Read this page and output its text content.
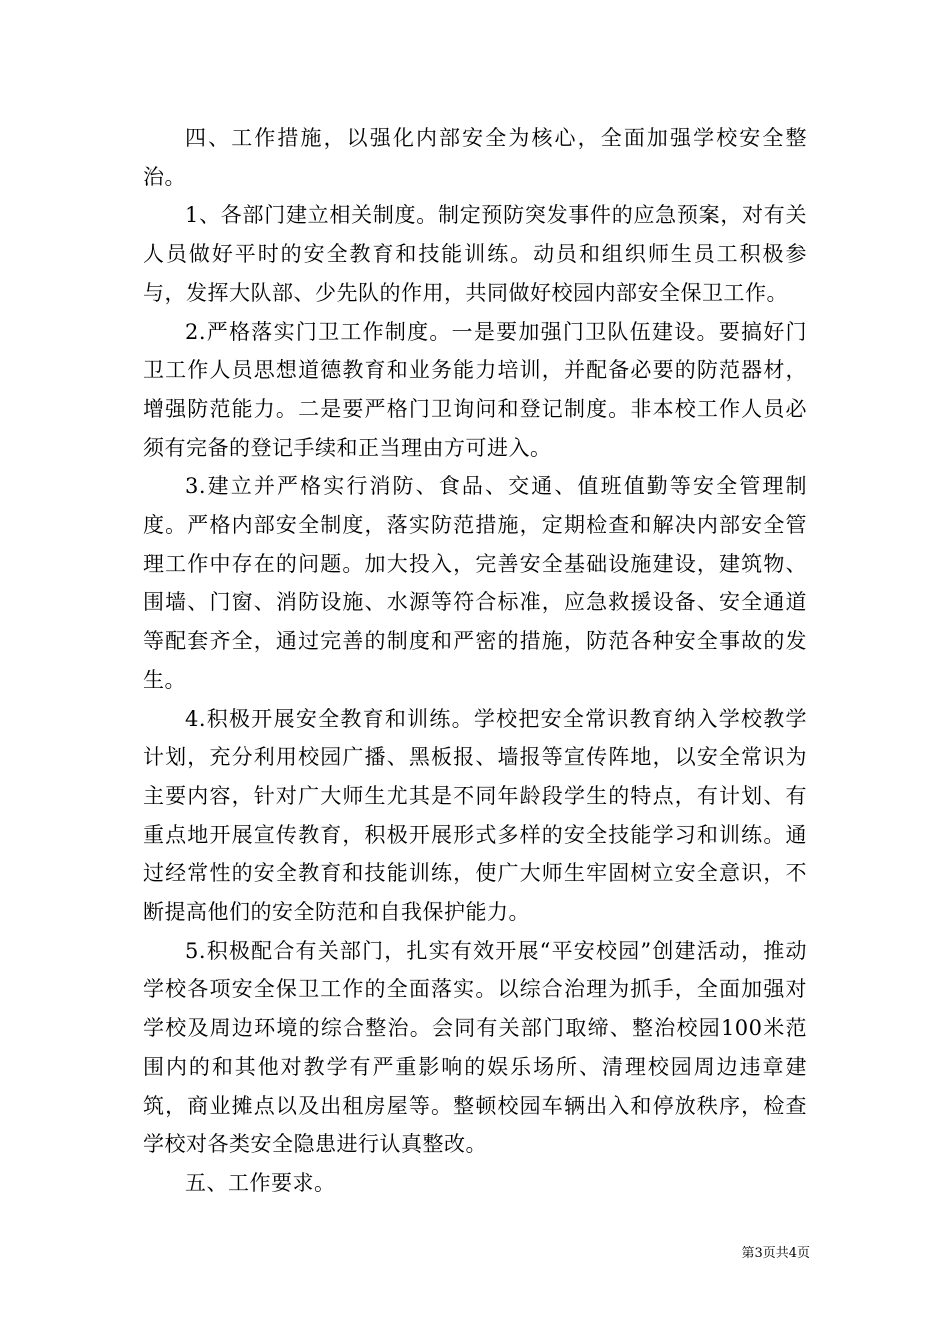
四、工作措施，以强化内部安全为核心，全面加强学校安全整治。

1、各部门建立相关制度。制定预防突发事件的应急预案，对有关人员做好平时的安全教育和技能训练。动员和组织师生员工积极参与，发挥大队部、少先队的作用，共同做好校园内部安全保卫工作。

2.严格落实门卫工作制度。一是要加强门卫队伍建设。要搞好门卫工作人员思想道德教育和业务能力培训，并配备必要的防范器材，增强防范能力。二是要严格门卫询问和登记制度。非本校工作人员必须有完备的登记手续和正当理由方可进入。

3.建立并严格实行消防、食品、交通、值班值勤等安全管理制度。严格内部安全制度，落实防范措施，定期检查和解决内部安全管理工作中存在的问题。加大投入，完善安全基础设施建设，建筑物、围墙、门窗、消防设施、水源等符合标准，应急救援设备、安全通道等配套齐全，通过完善的制度和严密的措施，防范各种安全事故的发生。

4.积极开展安全教育和训练。学校把安全常识教育纳入学校教学计划，充分利用校园广播、黑板报、墙报等宣传阵地，以安全常识为主要内容，针对广大师生尤其是不同年龄段学生的特点，有计划、有重点地开展宣传教育，积极开展形式多样的安全技能学习和训练。通过经常性的安全教育和技能训练，使广大师生牢固树立安全意识，不断提高他们的安全防范和自我保护能力。

5.积极配合有关部门，扎实有效开展“平安校园”创建活动，推动学校各项安全保卫工作的全面落实。以综合治理为抓手，全面加强对学校及周边环境的综合整治。会同有关部门取缔、整治校园100米范围内的和其他对教学有严重影响的娱乐场所、清理校园周边违章建筑，商业摊点以及出租房屋等。整顿校园车辆出入和停放秩序，检查学校对各类安全隐患进行认真整改。

五、工作要求。

第3页共4页
